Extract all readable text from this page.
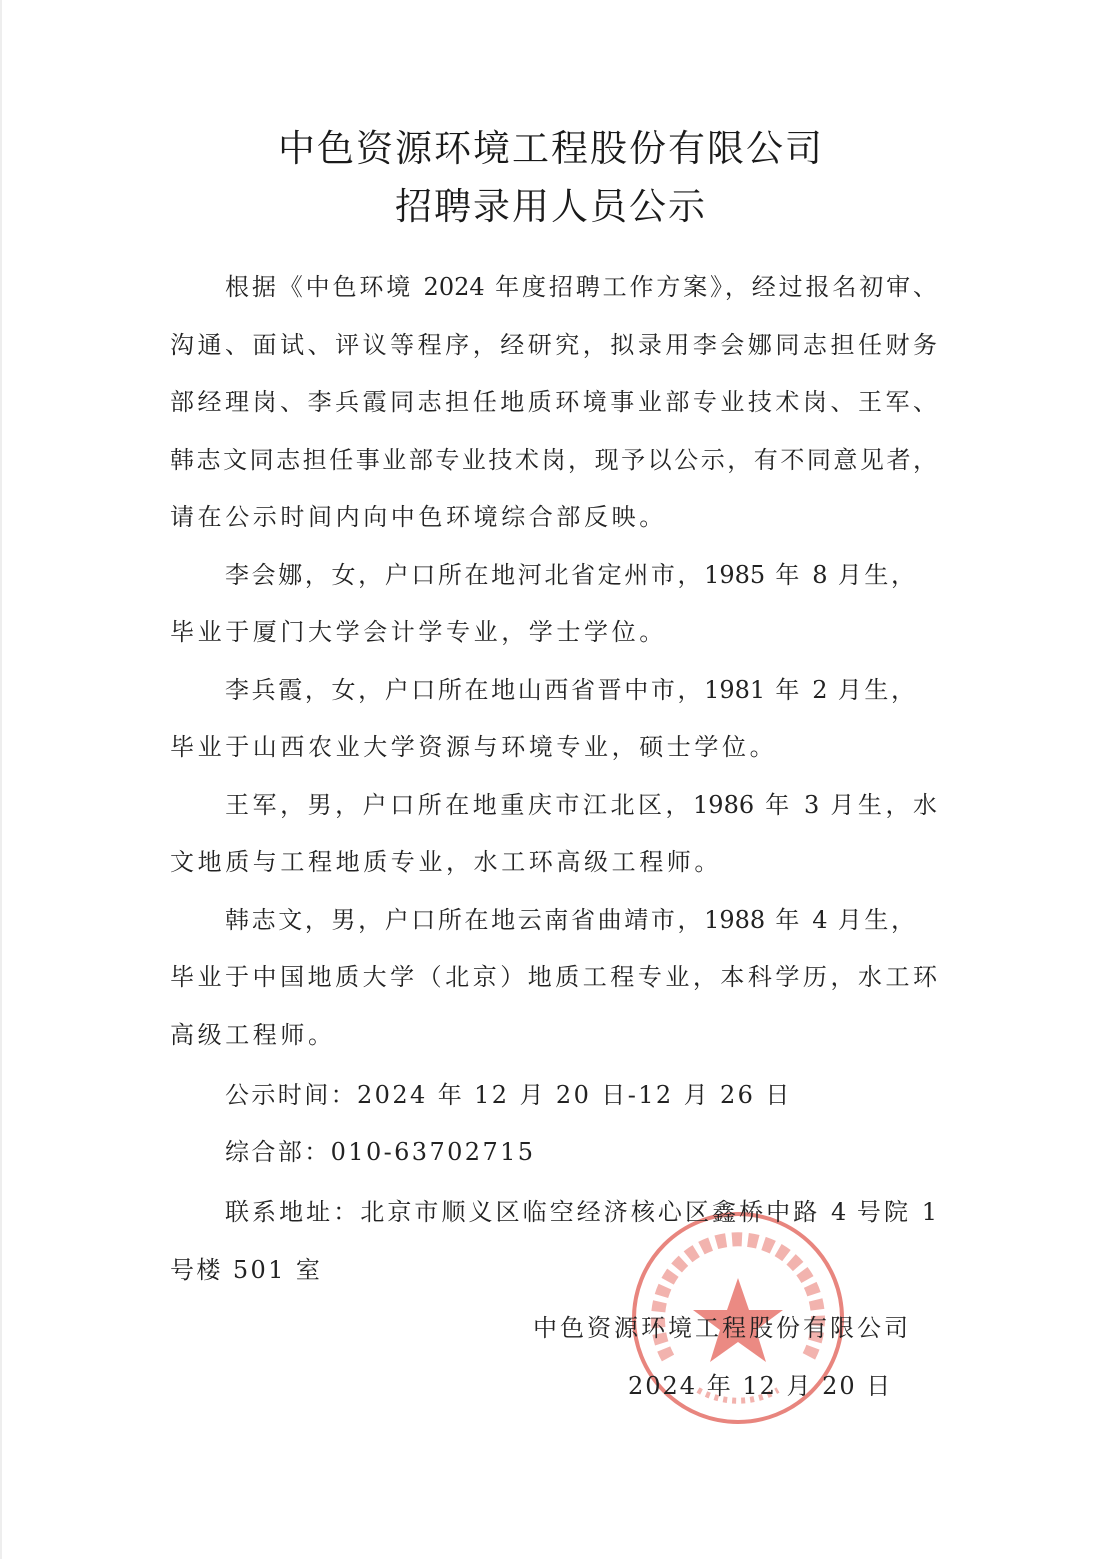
中色资源环境工程股份有限公司
招聘录用人员公示
根据《中色环境 2024 年度招聘工作方案》，经过报名初审、
沟通、面试、评议等程序，经研究，拟录用李会娜同志担任财务
部经理岗、李兵霞同志担任地质环境事业部专业技术岗、王军、
韩志文同志担任事业部专业技术岗，现予以公示，有不同意见者，
请在公示时间内向中色环境综合部反映。
李会娜，女，户口所在地河北省定州市，1985 年 8 月生，
毕业于厦门大学会计学专业，学士学位。
李兵霞，女，户口所在地山西省晋中市，1981 年 2 月生，
毕业于山西农业大学资源与环境专业，硕士学位。
王军，男，户口所在地重庆市江北区，1986 年 3 月生，水
文地质与工程地质专业，水工环高级工程师。
韩志文，男，户口所在地云南省曲靖市，1988 年 4 月生，
毕业于中国地质大学（北京）地质工程专业，本科学历，水工环
高级工程师。
公示时间：2024 年 12 月 20 日-12 月 26 日
综合部：010-63702715
联系地址：北京市顺义区临空经济核心区鑫桥中路 4 号院 1
号楼 501 室
中色资源环境工程股份有限公司
2024 年 12 月 20 日
